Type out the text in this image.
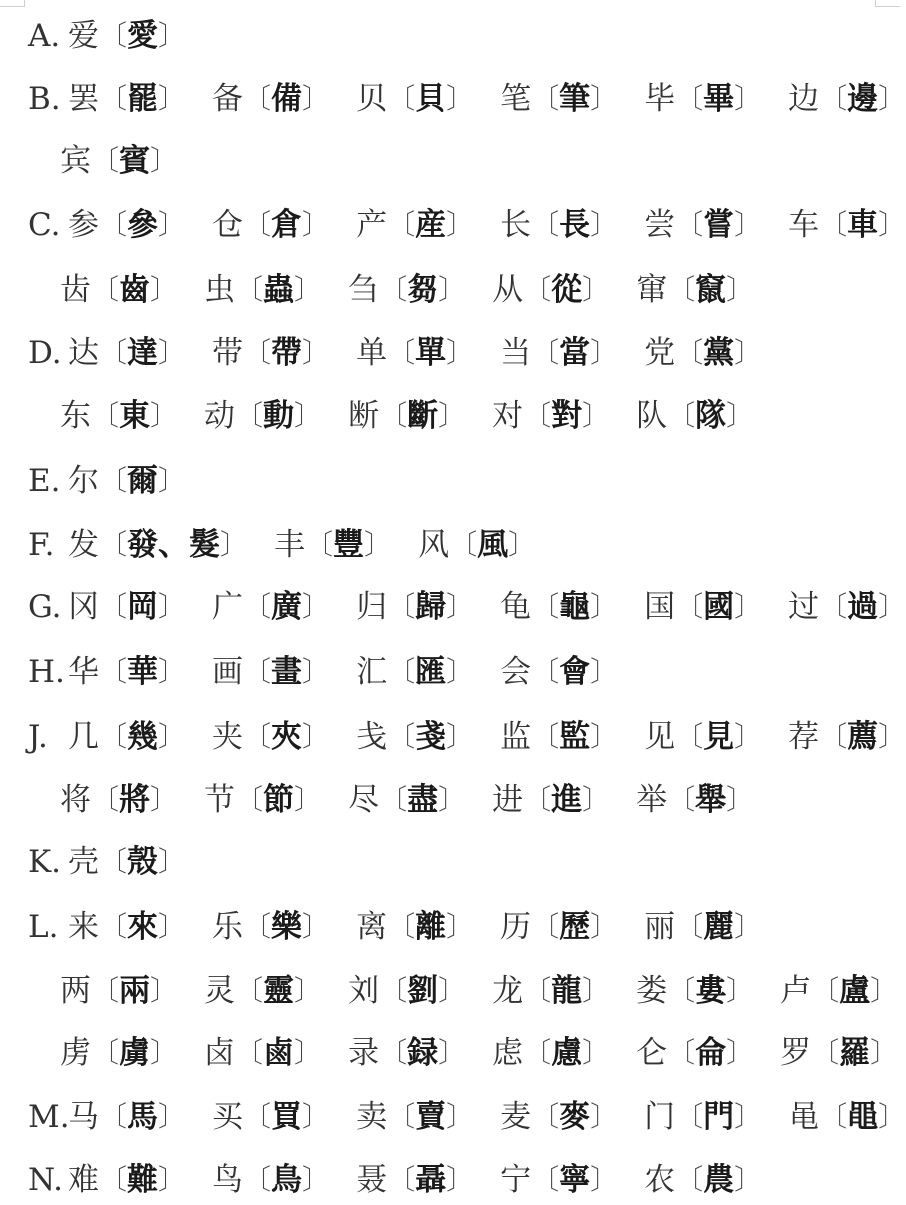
A. 爱 〔 愛 〕
B. 罢 〔 罷 〕 备 〔 備 〕 贝 〔 貝 〕 笔 〔 筆 〕 毕 〔 畢 〕 边 〔 邊 〕
宾 〔 賓 〕
C. 参 〔 參 〕 仓 〔 倉 〕 产 〔 産 〕 长 〔 長 〕 尝 〔 嘗 〕 车 〔 車 〕
齿 〔 齒 〕 虫 〔 蟲 〕 刍 〔 芻 〕 从 〔 從 〕 窜 〔 竄 〕
D. 达 〔 達 〕 带 〔 帶 〕 单 〔 單 〕 当 〔 當 〕 党 〔 黨 〕
东 〔 東 〕 动 〔 動 〕 断 〔 斷 〕 对 〔 對 〕 队 〔 隊 〕
E. 尔 〔 爾 〕
F. 发 〔 發、髮 〕 丰 〔 豐 〕 风 〔 風 〕
G. 冈 〔 岡 〕 广 〔 廣 〕 归 〔 歸 〕 龟 〔 龜 〕 国 〔 國 〕 过 〔 過 〕
H. 华 〔 華 〕 画 〔 畫 〕 汇 〔 匯 〕 会 〔 會 〕
J. 几 〔 幾 〕 夹 〔 夾 〕 戋 〔 戔 〕 监 〔 監 〕 见 〔 見 〕 荐 〔 薦 〕
将 〔 將 〕 节 〔 節 〕 尽 〔 盡 〕 进 〔 進 〕 举 〔 舉 〕
K. 壳 〔 殼 〕
L. 来 〔 來 〕 乐 〔 樂 〕 离 〔 離 〕 历 〔 歷 〕 丽 〔 麗 〕
两 〔 兩 〕 灵 〔 靈 〕 刘 〔 劉 〕 龙 〔 龍 〕 娄 〔 婁 〕 卢 〔 盧 〕
虏 〔 虜 〕 卤 〔 鹵 〕 录 〔 録 〕 虑 〔 慮 〕 仑 〔 侖 〕 罗 〔 羅 〕
M.
马 〔 馬 〕 买 〔 買 〕 卖 〔 賣 〕 麦 〔 麥 〕 门 〔 門 〕 黾 〔 黽 〕
N. 难 〔 難 〕 鸟 〔 鳥 〕 聂 〔 聶 〕 宁 〔 寧 〕 农 〔 農 〕
